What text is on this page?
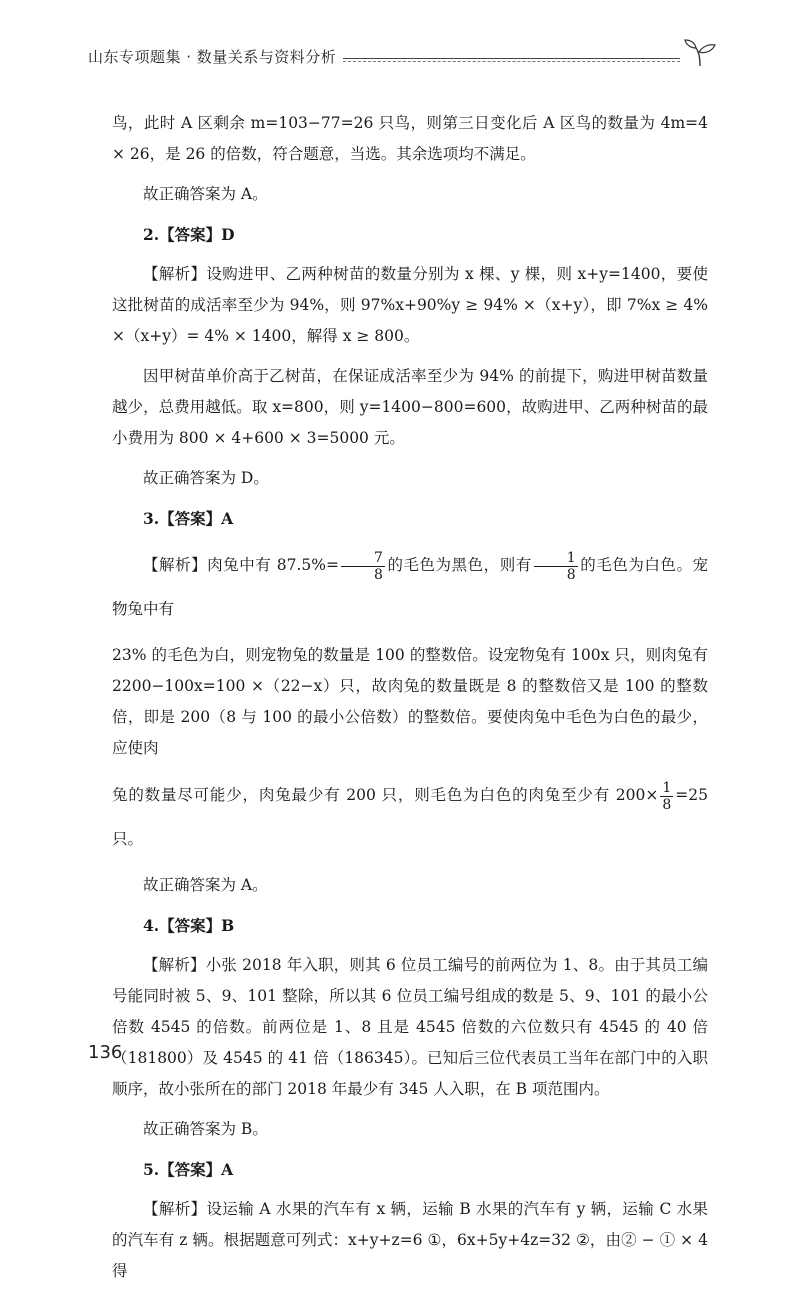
山东专项题集 · 数量关系与资料分析

鸟，此时 A 区剩余 m=103−77=26 只鸟，则第三日变化后 A 区鸟的数量为 4m=4 × 26，是 26 的倍数，符合题意，当选。其余选项均不满足。

故正确答案为 A。

2.【答案】D

【解析】设购进甲、乙两种树苗的数量分别为 x 棵、y 棵，则 x+y=1400，要使这批树苗的成活率至少为 94%，则 97%x+90%y ≥ 94% ×（x+y），即 7%x ≥ 4% ×（x+y）= 4% × 1400，解得 x ≥ 800。

因甲树苗单价高于乙树苗，在保证成活率至少为 94% 的前提下，购进甲树苗数量越少，总费用越低。取 x=800，则 y=1400−800=600，故购进甲、乙两种树苗的最小费用为 800 × 4+600 × 3=5000 元。

故正确答案为 D。

3.【答案】A

【解析】肉兔中有 $87.5\%= \frac{7}{8}$ 的毛色为黑色，则有 $\frac{1}{8}$ 的毛色为白色。宠物兔中有

23% 的毛色为白，则宠物兔的数量是 100 的整数倍。设宠物兔有 100x 只，则肉兔有 2200−100x=100 ×（22−x）只，故肉兔的数量既是 8 的整数倍又是 100 的整数倍，即是 200（8 与 100 的最小公倍数）的整数倍。要使肉兔中毛色为白色的最少，应使肉

兔的数量尽可能少，肉兔最少有 200 只，则毛色为白色的肉兔至少有 $200\times \frac{1}{8} =25$ 只。

故正确答案为 A。

4.【答案】B

【解析】小张 2018 年入职，则其 6 位员工编号的前两位为 1、8。由于其员工编号能同时被 5、9、101 整除，所以其 6 位员工编号组成的数是 5、9、101 的最小公倍数 4545 的倍数。前两位是 1、8 且是 4545 倍数的六位数只有 4545 的 40 倍（181800）及 4545 的 41 倍（186345）。已知后三位代表员工当年在部门中的入职顺序，故小张所在的部门 2018 年最少有 345 人入职，在 B 项范围内。

故正确答案为 B。

5.【答案】A

【解析】设运输 A 水果的汽车有 x 辆，运输 B 水果的汽车有 y 辆，运输 C 水果的汽车有 z 辆。根据题意可列式：x+y+z=6 ①，6x+5y+4z=32 ②，由② − ① × 4 得

136
